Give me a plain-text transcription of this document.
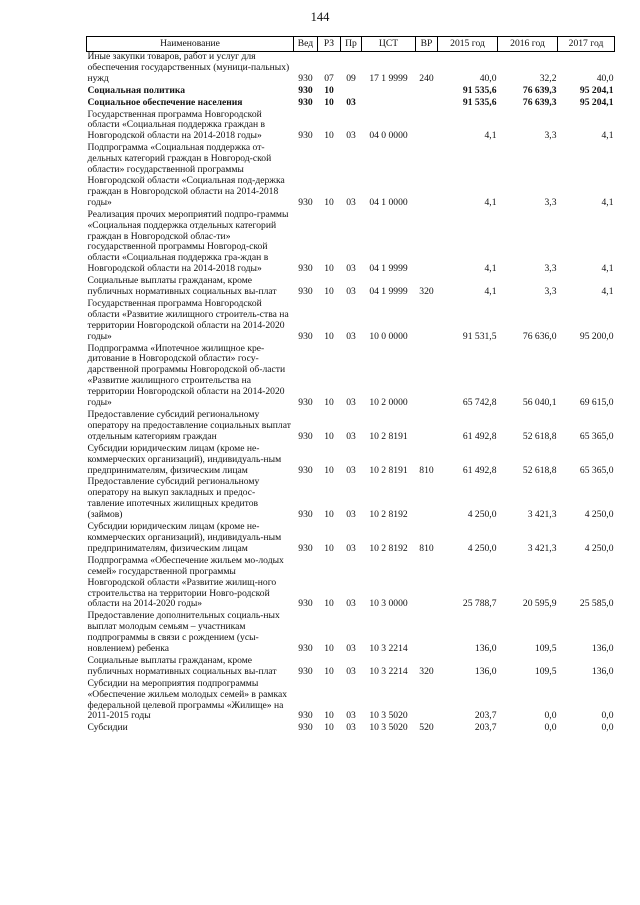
144
Наименование	Вед	РЗ	Пр	ЦСТ	ВР	2015 год	2016 год	2017 год
Иные закупки товаров, работ и услуг для обеспечения государственных (муници-пальных) нужд	930	07	09	17 1 9999	240	40,0	32,2	40,0
Социальная политика	930	10				91 535,6	76 639,3	95 204,1
Социальное обеспечение населения	930	10	03			91 535,6	76 639,3	95 204,1
Государственная программа Новгородской области «Социальная поддержка граждан в Новгородской области на 2014-2018 годы»	930	10	03	04 0 0000		4,1	3,3	4,1
Подпрограмма «Социальная поддержка от-дельных категорий граждан в Новгород-ской области» государственной программы Новгородской области «Социальная под-держка граждан в Новгородской области на 2014-2018 годы»	930	10	03	04 1 0000		4,1	3,3	4,1
Реализация прочих мероприятий подпро-граммы «Социальная поддержка отдельных категорий граждан в Новгородской облас-ти» государственной программы Новгород-ской области «Социальная поддержка гра-ждан в Новгородской области на 2014-2018 годы»	930	10	03	04 1 9999		4,1	3,3	4,1
Социальные выплаты гражданам, кроме публичных нормативных социальных вы-плат	930	10	03	04 1 9999	320	4,1	3,3	4,1
Государственная программа Новгородской области «Развитие жилищного строитель-ства на территории Новгородской области на 2014-2020 годы»	930	10	03	10 0 0000		91 531,5	76 636,0	95 200,0
Подпрограмма «Ипотечное жилищное кре-дитование в Новгородской области» госу-дарственной программы Новгородской об-ласти «Развитие жилищного строительства на территории Новгородской области на 2014-2020 годы»	930	10	03	10 2 0000		65 742,8	56 040,1	69 615,0
Предоставление субсидий региональному оператору на предоставление социальных выплат отдельным категориям граждан	930	10	03	10 2 8191		61 492,8	52 618,8	65 365,0
Субсидии юридическим лицам (кроме не-коммерческих организаций), индивидуаль-ным предпринимателям, физическим лицам	930	10	03	10 2 8191	810	61 492,8	52 618,8	65 365,0
Предоставление субсидий региональному оператору на выкуп закладных и предос-тавление ипотечных жилищных кредитов (займов)	930	10	03	10 2 8192		4 250,0	3 421,3	4 250,0
Субсидии юридическим лицам (кроме не-коммерческих организаций), индивидуаль-ным предпринимателям, физическим лицам	930	10	03	10 2 8192	810	4 250,0	3 421,3	4 250,0
Подпрограмма «Обеспечение жильем мо-лодых семей» государственной программы Новгородской области «Развитие жилищ-ного строительства на территории Новго-родской области на 2014-2020 годы»	930	10	03	10 3 0000		25 788,7	20 595,9	25 585,0
Предоставление дополнительных социаль-ных выплат молодым семьям – участникам подпрограммы в связи с рождением (усы-новлением) ребенка	930	10	03	10 3 2214		136,0	109,5	136,0
Социальные выплаты гражданам, кроме публичных нормативных социальных вы-плат	930	10	03	10 3 2214	320	136,0	109,5	136,0
Субсидии на мероприятия подпрограммы «Обеспечение жильем молодых семей» в рамках федеральной целевой программы «Жилище» на 2011-2015 годы	930	10	03	10 3 5020		203,7	0,0	0,0
Субсидии	930	10	03	10 3 5020	520	203,7	0,0	0,0
